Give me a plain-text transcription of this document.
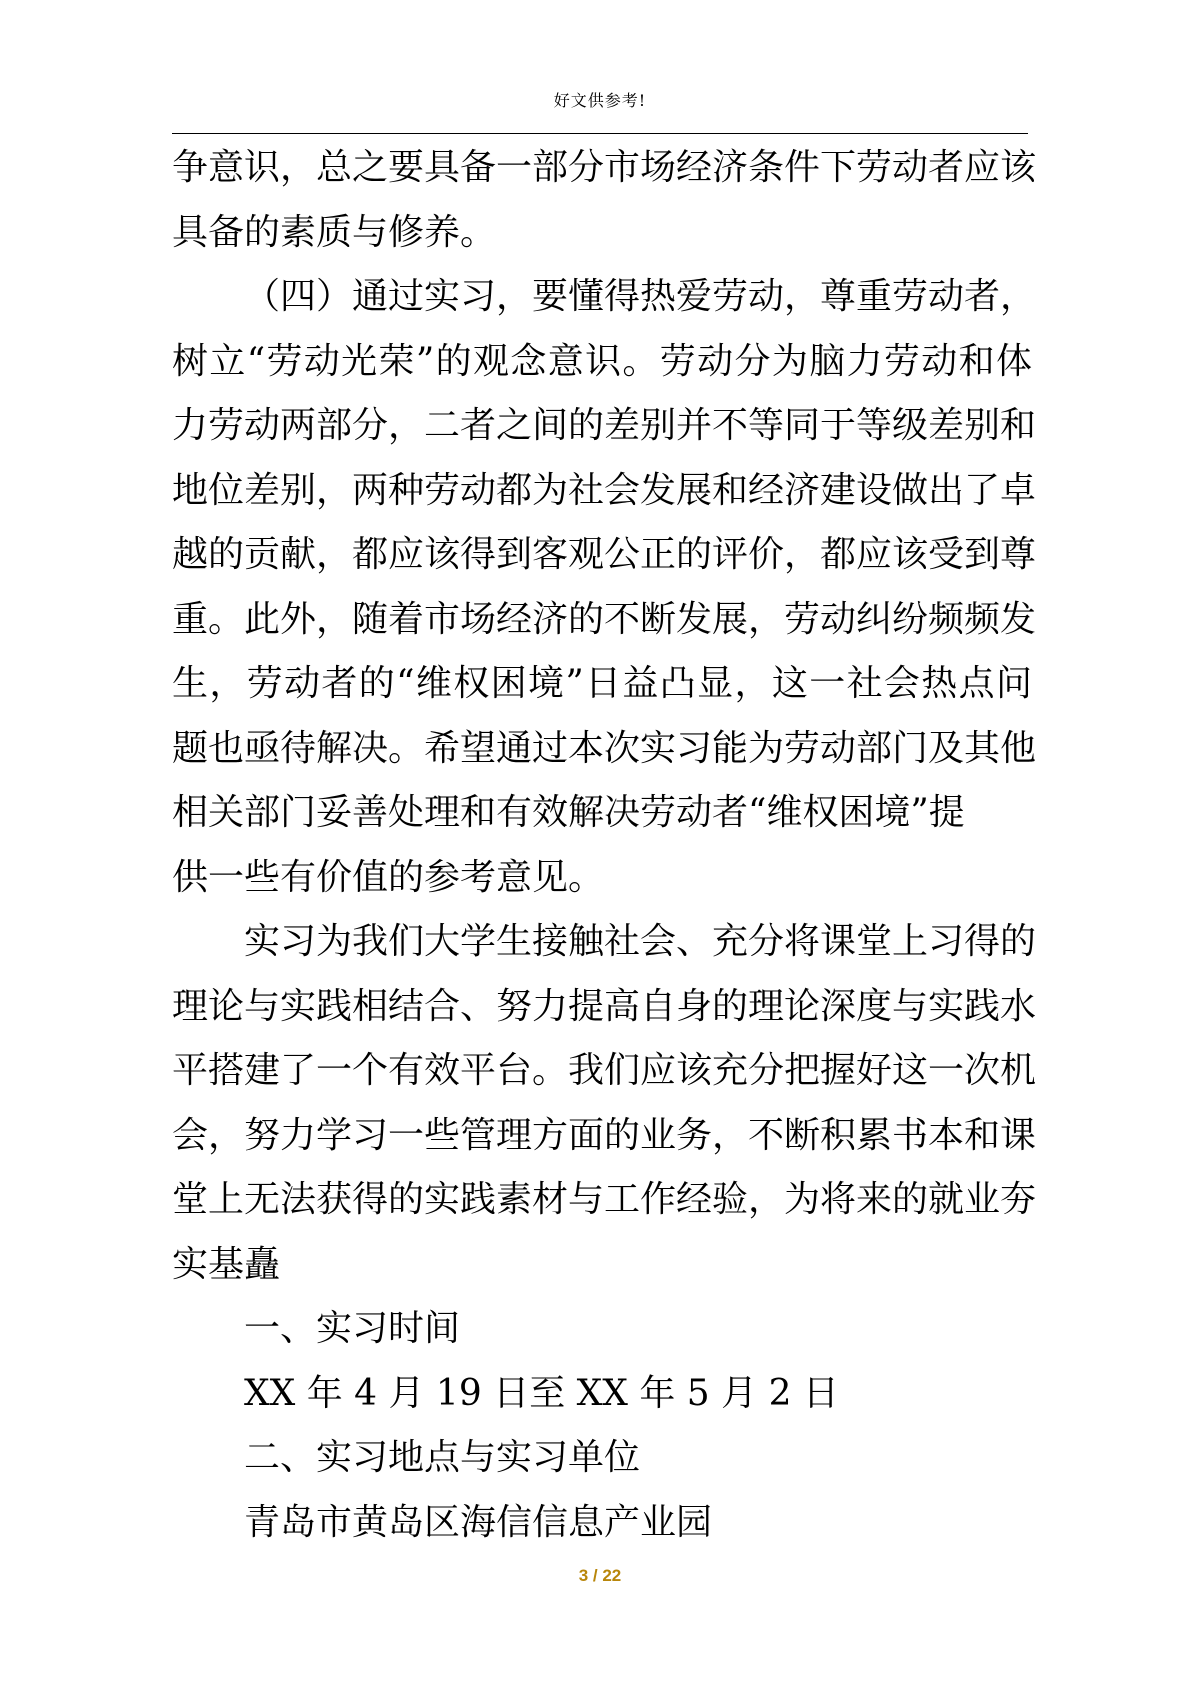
好文供参考!
争意识，总之要具备一部分市场经济条件下劳动者应该
具备的素质与修养。
（四）通过实习，要懂得热爱劳动，尊重劳动者，
树立“劳动光荣”的观念意识。劳动分为脑力劳动和体
力劳动两部分，二者之间的差别并不等同于等级差别和
地位差别，两种劳动都为社会发展和经济建设做出了卓
越的贡献，都应该得到客观公正的评价，都应该受到尊
重。此外，随着市场经济的不断发展，劳动纠纷频频发
生，劳动者的“维权困境”日益凸显，这一社会热点问
题也亟待解决。希望通过本次实习能为劳动部门及其他
相关部门妥善处理和有效解决劳动者“维权困境”提
供一些有价值的参考意见。
实习为我们大学生接触社会、充分将课堂上习得的
理论与实践相结合、努力提高自身的理论深度与实践水
平搭建了一个有效平台。我们应该充分把握好这一次机
会，努力学习一些管理方面的业务，不断积累书本和课
堂上无法获得的实践素材与工作经验，为将来的就业夯
实基矗
一、实习时间
XX 年 4 月 19 日至 XX 年 5 月 2 日
二、实习地点与实习单位
青岛市黄岛区海信信息产业园
3 / 22
